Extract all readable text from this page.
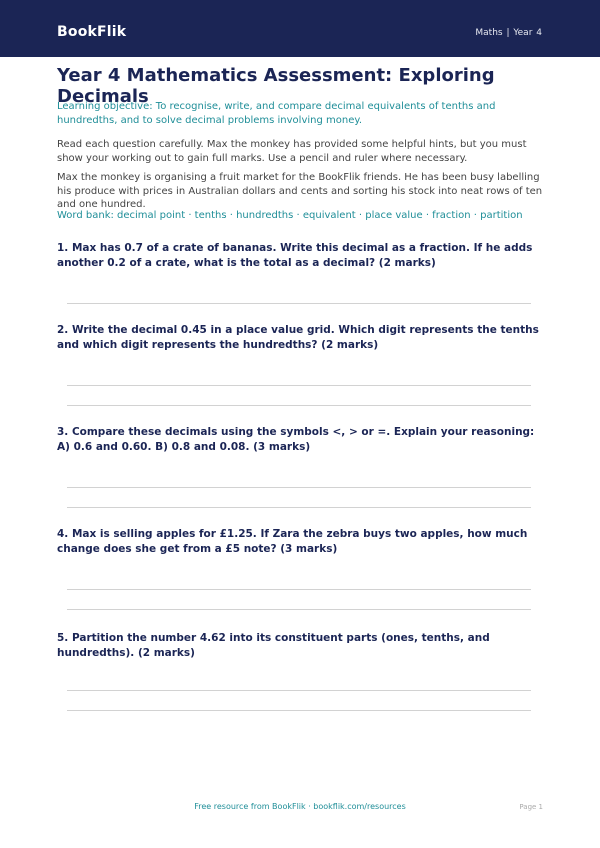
BookFlik	Maths | Year 4
Year 4 Mathematics Assessment: Exploring Decimals
Learning objective: To recognise, write, and compare decimal equivalents of tenths and hundredths, and to solve decimal problems involving money.
Read each question carefully. Max the monkey has provided some helpful hints, but you must show your working out to gain full marks. Use a pencil and ruler where necessary.
Max the monkey is organising a fruit market for the BookFlik friends. He has been busy labelling his produce with prices in Australian dollars and cents and sorting his stock into neat rows of ten and one hundred.
Word bank: decimal point · tenths · hundredths · equivalent · place value · fraction · partition
1. Max has 0.7 of a crate of bananas. Write this decimal as a fraction. If he adds another 0.2 of a crate, what is the total as a decimal? (2 marks)
2. Write the decimal 0.45 in a place value grid. Which digit represents the tenths and which digit represents the hundredths? (2 marks)
3. Compare these decimals using the symbols <, > or =. Explain your reasoning: A) 0.6 and 0.60. B) 0.8 and 0.08. (3 marks)
4. Max is selling apples for £1.25. If Zara the zebra buys two apples, how much change does she get from a £5 note? (3 marks)
5. Partition the number 4.62 into its constituent parts (ones, tenths, and hundredths). (2 marks)
Free resource from BookFlik · bookflik.com/resources	Page 1
